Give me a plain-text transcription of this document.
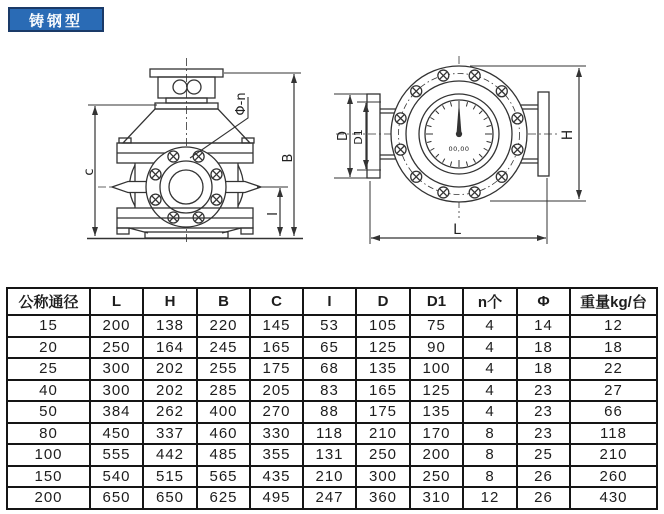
铸钢型
c
B
I
Φ-n
D D1	H
L
00,00
公称通径	L	H	B	C	I	D	D1	n个	Φ	重量kg/台
15	200	138	220	145	53	105	75	4	14	12
20	250	164	245	165	65	125	90	4	18	18
25	300	202	255	175	68	135	100	4	18	22
40	300	202	285	205	83	165	125	4	23	27
50	384	262	400	270	88	175	135	4	23	66
80	450	337	460	330	118	210	170	8	23	118
100	555	442	485	355	131	250	200	8	25	210
150	540	515	565	435	210	300	250	8	26	260
200	650	650	625	495	247	360	310	12	26	430
